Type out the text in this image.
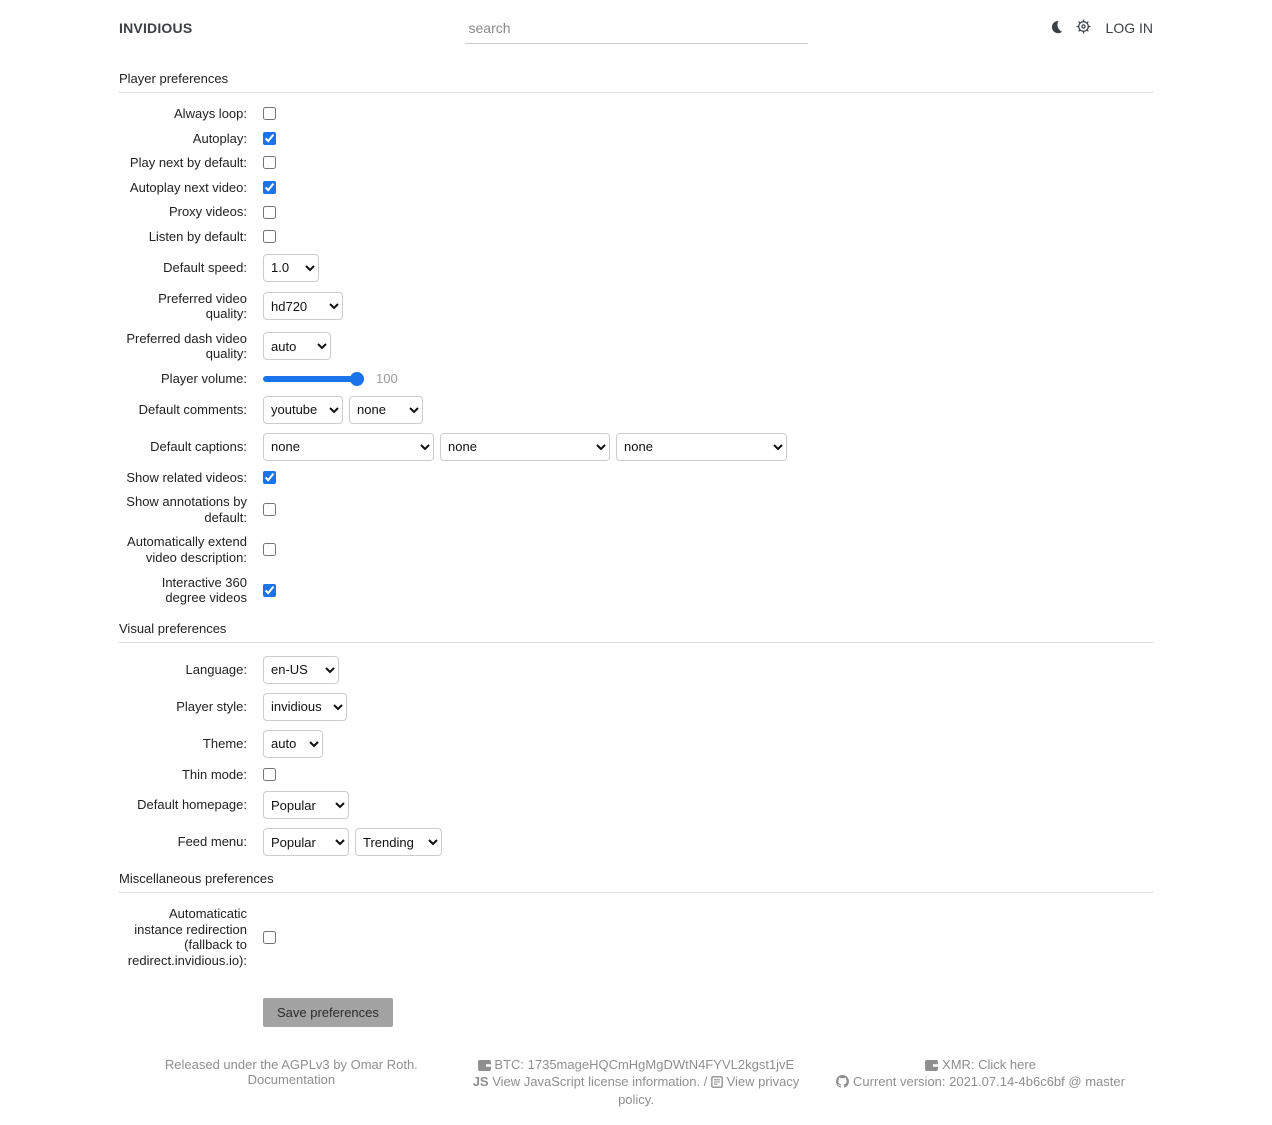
INVIDIOUS
search	LOG IN
Player preferences
Always loop:
Autoplay:
Play next by default:
Autoplay next video:
Proxy videos:
Listen by default:
Default speed:
1.0
Preferred video quality:
hd720
Preferred dash video quality:
auto
Player volume:	100
Default comments:
youtube
none
Default captions:
none
none
none
Show related videos:
Show annotations by default:
Automatically extend video description:
Interactive 360 degree videos
Visual preferences
Language:
en-US
Player style:
invidious
Theme:
auto
Thin mode:
Default homepage:
Popular
Feed menu:
Popular
Trending
Miscellaneous preferences
Automaticatic instance redirection (fallback to redirect.invidious.io):
Save preferences
Released under the AGPLv3 by Omar Roth.
Documentation
BTC: 1735mageHQCmHgMgDWtN4FYVL2kgst1jvE
JS View JavaScript license information. / View privacy policy.
XMR: Click here
Current version: 2021.07.14-4b6c6bf @ master
